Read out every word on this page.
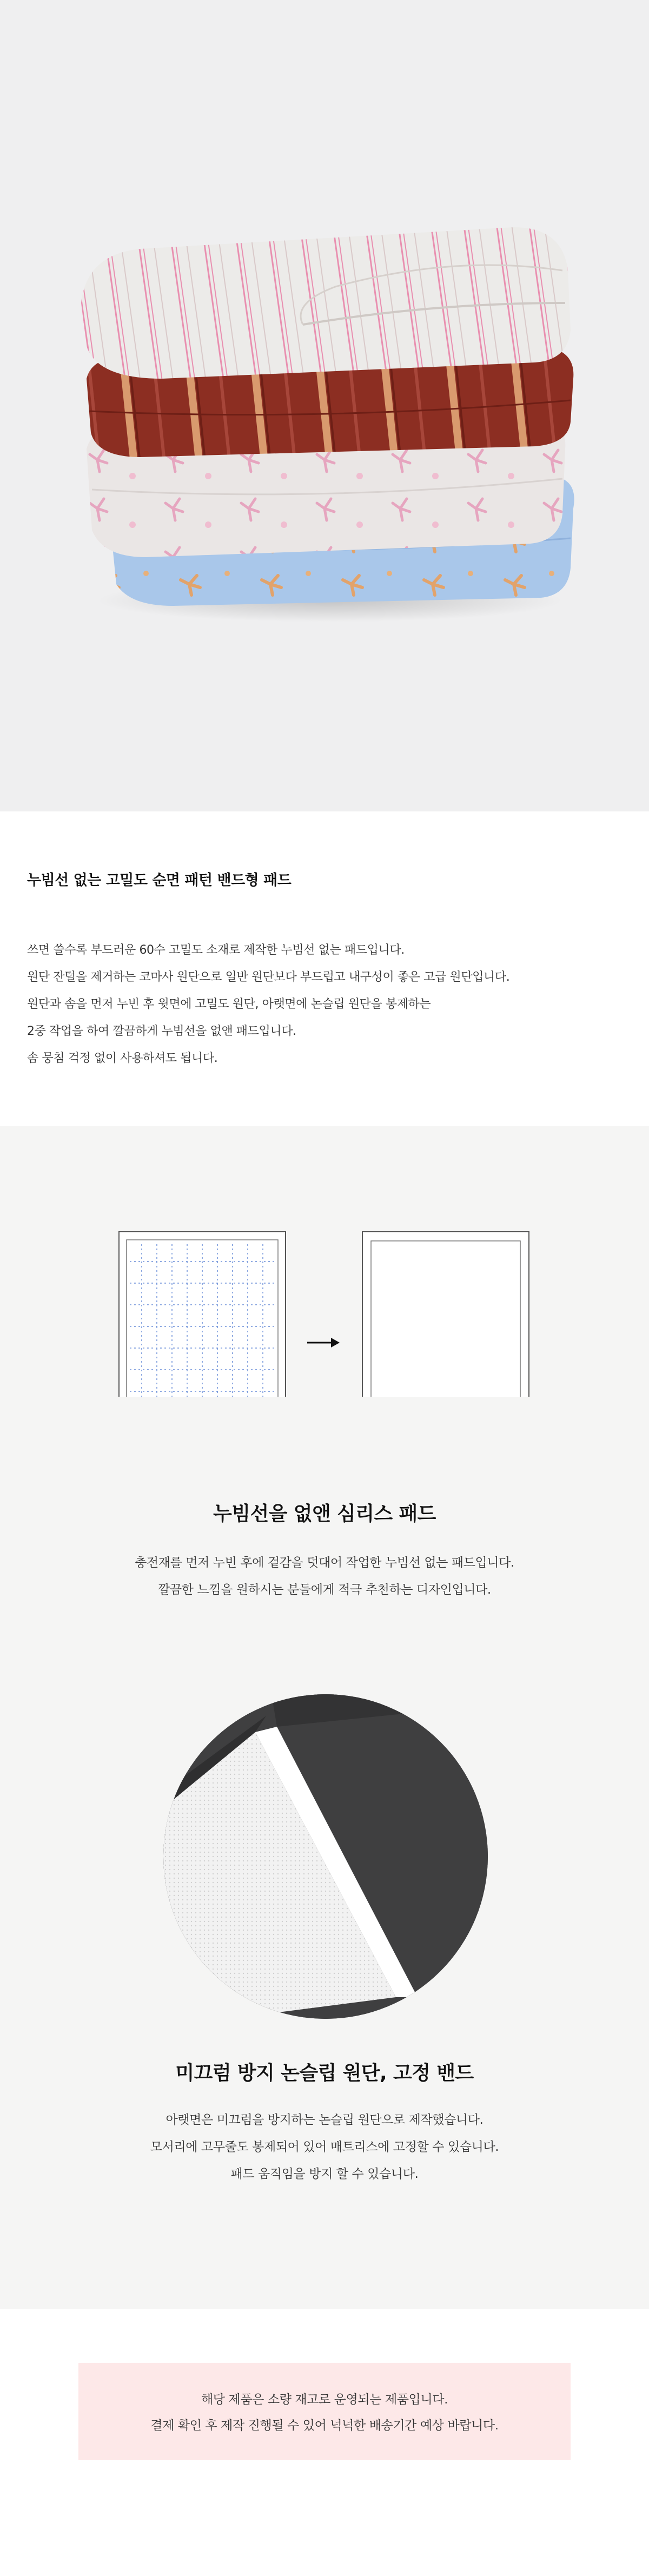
누빔선 없는 고밀도 순면 패턴 밴드형 패드

쓰면 쓸수록 부드러운 60수 고밀도 소재로 제작한 누빔선 없는 패드입니다.

원단 잔털을 제거하는 코마사 원단으로 일반 원단보다 부드럽고 내구성이 좋은 고급 원단입니다.

원단과 솜을 먼저 누빈 후 윗면에 고밀도 원단, 아랫면에 논슬립 원단을 봉제하는

2중 작업을 하여 깔끔하게 누빔선을 없앤 패드입니다.

솜 뭉침 걱정 없이 사용하셔도 됩니다.

누빔선을 없앤 심리스 패드

충전재를 먼저 누빈 후에 겉감을 덧대어 작업한 누빔선 없는 패드입니다.

깔끔한 느낌을 원하시는 분들에게 적극 추천하는 디자인입니다.

미끄럼 방지 논슬립 원단, 고정 밴드

아랫면은 미끄럼을 방지하는 논슬립 원단으로 제작했습니다.

모서리에 고무줄도 봉제되어 있어 매트리스에 고정할 수 있습니다.

패드 움직임을 방지 할 수 있습니다.

해당 제품은 소량 재고로 운영되는 제품입니다.

결제 확인 후 제작 진행될 수 있어 넉넉한 배송기간 예상 바랍니다.
